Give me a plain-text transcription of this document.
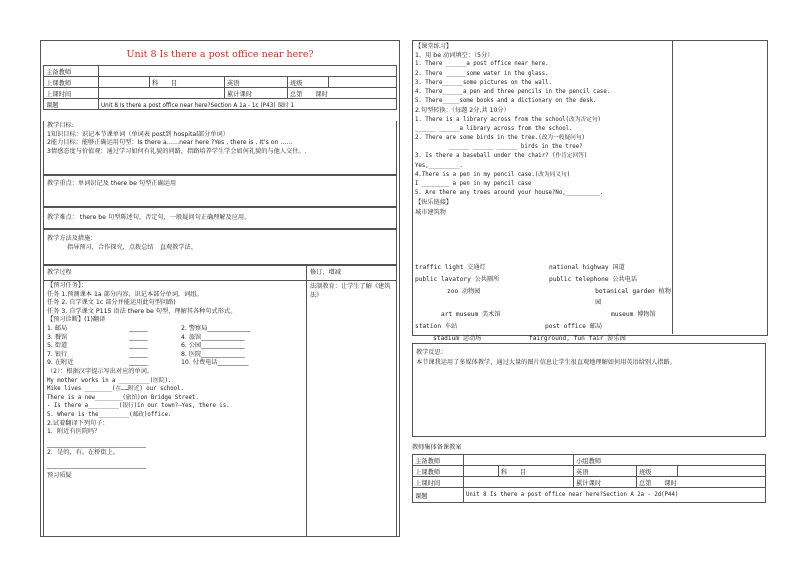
Unit 8 Is there a post office near here?
主备教师					
上课教师		科　　目	英语	班级	
上课时间			累计课时	总第　　课时	
课题	Unit 8 Is there a post office near here?Section A 1a - 1c (P43) 课时 1				
教学目标:
1知识目标：识记本节课单词（单词表 post到 hospital部分单词）
2能力目标：能够正确运用句型：Is there a……near here ?Yes , there is , It’s on ……
3情感态度与价值观：通过学习如何有礼貌的问路，指路培养学生学会如何礼貌的与他人交往。.
教学重点：单词识记及 there be 句型正确运用
教学难点： there be 句型陈述句，否定句，一般疑问句正确理解及应用。
教学方法及措施：
指导预习，合作探究，点拨总结　直观教学法、
教学过程	修订、增减
【预习任务】：
任务 1.预测课本 1a 部分内容，识记本部分单词，词组。
任务 2. 自学课文 1c 部分并能运用此句型问路)
任务 3. 自学课文 P115 语法 there be 句型，理解其各种句式形式。
【预习诊断】(1)翻译
1. 邮局	______	2. 警察局 ______________
3. 餐馆	______	4. 旅馆 ______________
5. 街道	______	6. 公园 ______________
7. 银行	______	8. 医院 ______________
9. 在附近	______	10. 付费电话 __________
（2）：根据汉字提示写出对应的单词。
My mother works in a _________(医院).
Mike lives ________(在……附近) our school.
There is a new________(旅馆)on Bridge Street.
- Is there a_________(银行)in our town?—Yes, there is.
5. Where is the_________(邮政)office.
2.试着翻译下列句子：
1．附近有医院吗？
________________________________
2．是的，有。在桥街上。
________________________________
预习质疑
法制教育：让学生了解《建筑法》
【课堂练习】
1、用 be 动词填空：（5分）
1. There ______a post office near here.
2. There ______some water in the glass.
3. There______some pictures on the wall.
4. There______a pen and three pencils in the pencil case.
5. There_____some books and a dictionary on the desk.
2.句型转换：（每题 2分,共 10分）
1. There is a library across from the school(改为否定句)
______ ______a library across from the school.
2. There are some birds in the tree.(改为一般疑问句)
______ ______ ______ birds in the tree?
3. Is there a baseball under the chair? (作肯定回答)
Yes,_________.
4.There is a pen in my pencil case.(改为同义句)
I ________ a pen in my pencil case
5. Are there any trees around your house?No,__________.
【快乐链接】
城市建筑物
traffic light 交通灯	national highway 国道
public lavatory 公共厕所	public telephone 公共电话
zoo 动物园	botanical garden 植物园
art museum 美术馆	museum 博物馆
station 车站	post office 邮局
stadium 运动场	fairground, fun fair 游乐园
教学反思：
本节课我运用了多媒体教学，通过大量的图片信息让学生很直观地理解如何用英语给别人指路。
教师集体备课教案
主备教师			小组教师		
上课教师		科　　目	英语	班级	
上课时间			累计课时	总第　　课时	
课题	Unit 8 Is there a post office near here?Section A 2a - 2d(P44)				
